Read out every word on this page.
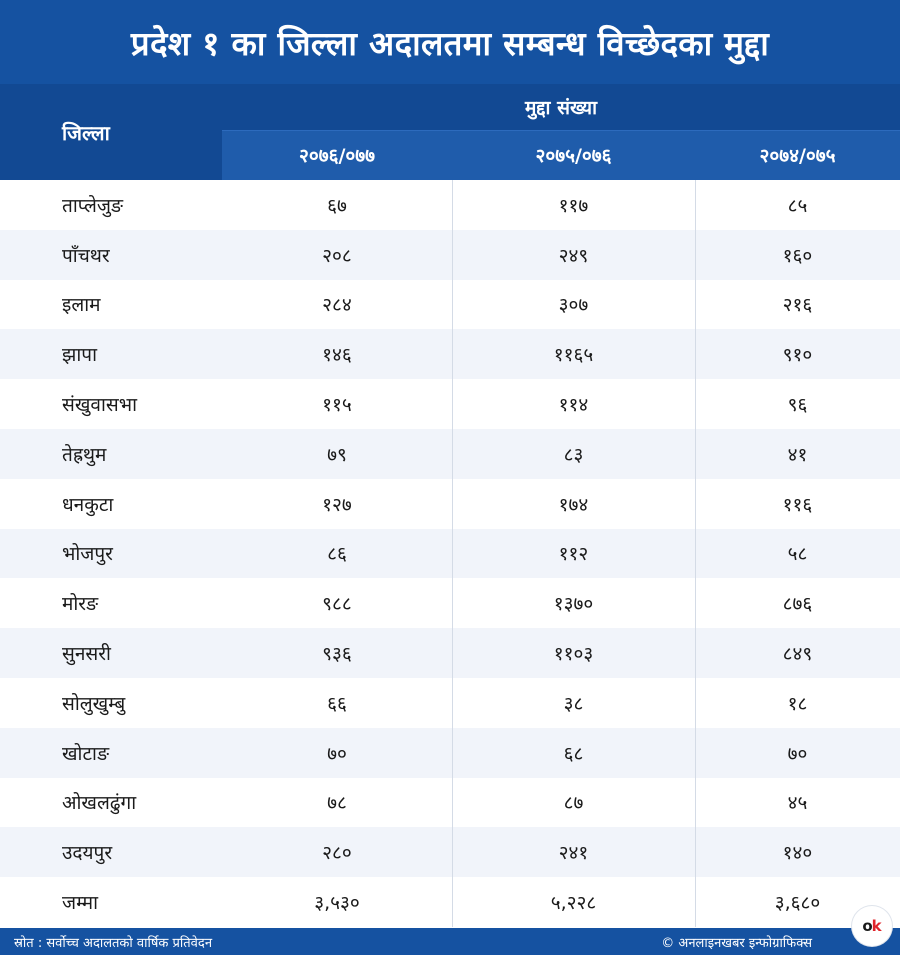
प्रदेश १ का जिल्ला अदालतमा सम्बन्ध विच्छेदका मुद्दा
जिल्ला
मुद्दा संख्या
२०७६/०७७	२०७५/०७६	२०७४/०७५
ताप्लेजुङ	६७	११७	८५
पाँचथर	२०८	२४९	१६०
इलाम	२८४	३०७	२१६
झापा	१४६	११६५	९१०
संखुवासभा	११५	११४	९६
तेह्रथुम	७९	८३	४१
धनकुटा	१२७	१७४	११६
भोजपुर	८६	११२	५८
मोरङ	९८८	१३७०	८७६
सुनसरी	९३६	११०३	८४९
सोलुखुम्बु	६६	३८	१८
खोटाङ	७०	६८	७०
ओखलढुंगा	७८	८७	४५
उदयपुर	२८०	२४१	१४०
जम्मा	३,५३०	५,२२८	३,६८०
स्रोत : सर्वोच्च अदालतको वार्षिक प्रतिवेदन	© अनलाइनखबर इन्फोग्राफिक्स
o k
